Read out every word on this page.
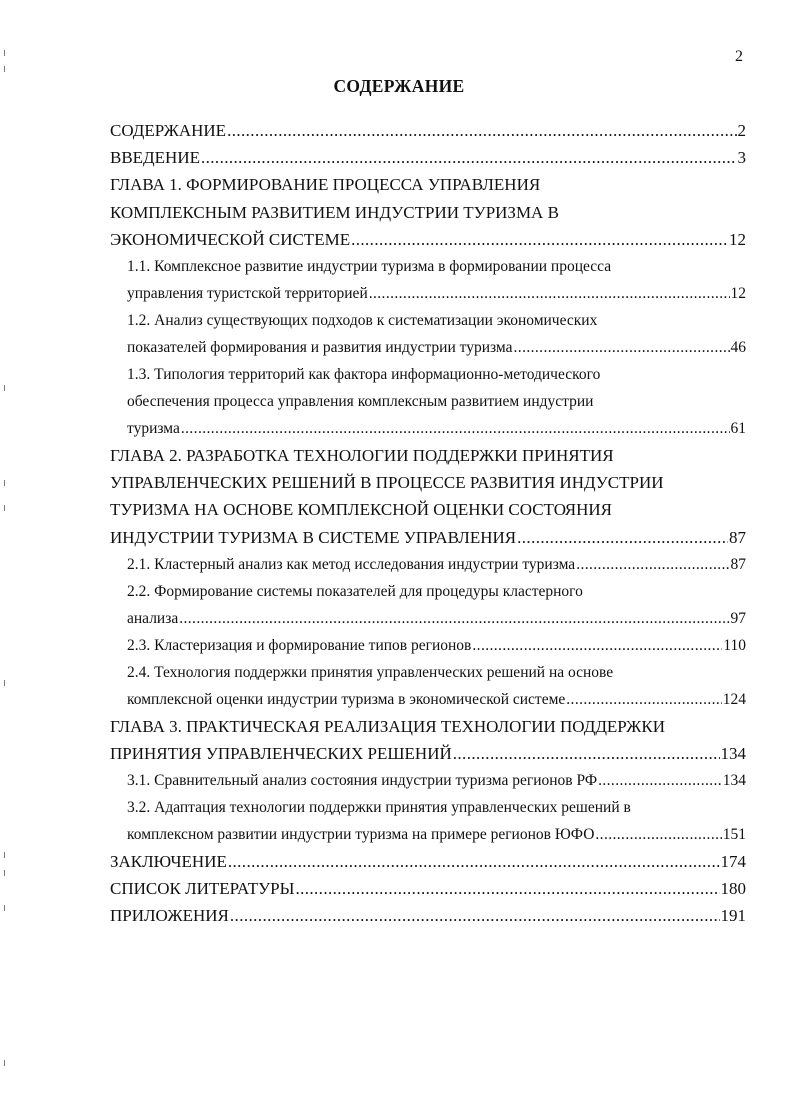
2
СОДЕРЖАНИЕ
СОДЕРЖАНИЕ .....	2
ВВЕДЕНИЕ .....	3
ГЛАВА 1. ФОРМИРОВАНИЕ ПРОЦЕССА УПРАВЛЕНИЯ
КОМПЛЕКСНЫМ РАЗВИТИЕМ ИНДУСТРИИ ТУРИЗМА В
ЭКОНОМИЧЕСКОЙ СИСТЕМЕ .....	12
1.1. Комплексное развитие индустрии туризма в формировании процесса
управления туристской территорией .....	12
1.2. Анализ существующих подходов к систематизации экономических
показателей формирования и развития индустрии туризма .....	46
1.3. Типология территорий как фактора информационно-методического
обеспечения процесса управления комплексным развитием индустрии
туризма .....	61
ГЛАВА 2. РАЗРАБОТКА ТЕХНОЛОГИИ ПОДДЕРЖКИ ПРИНЯТИЯ
УПРАВЛЕНЧЕСКИХ РЕШЕНИЙ В ПРОЦЕССЕ РАЗВИТИЯ ИНДУСТРИИ
ТУРИЗМА НА ОСНОВЕ КОМПЛЕКСНОЙ ОЦЕНКИ СОСТОЯНИЯ
ИНДУСТРИИ ТУРИЗМА В СИСТЕМЕ УПРАВЛЕНИЯ .....	87
2.1. Кластерный анализ как метод исследования индустрии туризма .....	87
2.2. Формирование системы показателей для процедуры кластерного
анализа .....	97
2.3. Кластеризация и формирование типов регионов .....	110
2.4. Технология поддержки принятия управленческих решений на основе
комплексной оценки индустрии туризма в экономической системе .....	124
ГЛАВА 3. ПРАКТИЧЕСКАЯ РЕАЛИЗАЦИЯ ТЕХНОЛОГИИ ПОДДЕРЖКИ
ПРИНЯТИЯ УПРАВЛЕНЧЕСКИХ РЕШЕНИЙ .....	134
3.1. Сравнительный анализ состояния индустрии туризма регионов РФ .....	134
3.2. Адаптация технологии поддержки принятия управленческих решений в
комплексном развитии индустрии туризма на примере регионов ЮФО .....	151
ЗАКЛЮЧЕНИЕ .....	174
СПИСОК ЛИТЕРАТУРЫ .....	180
ПРИЛОЖЕНИЯ .....	191
